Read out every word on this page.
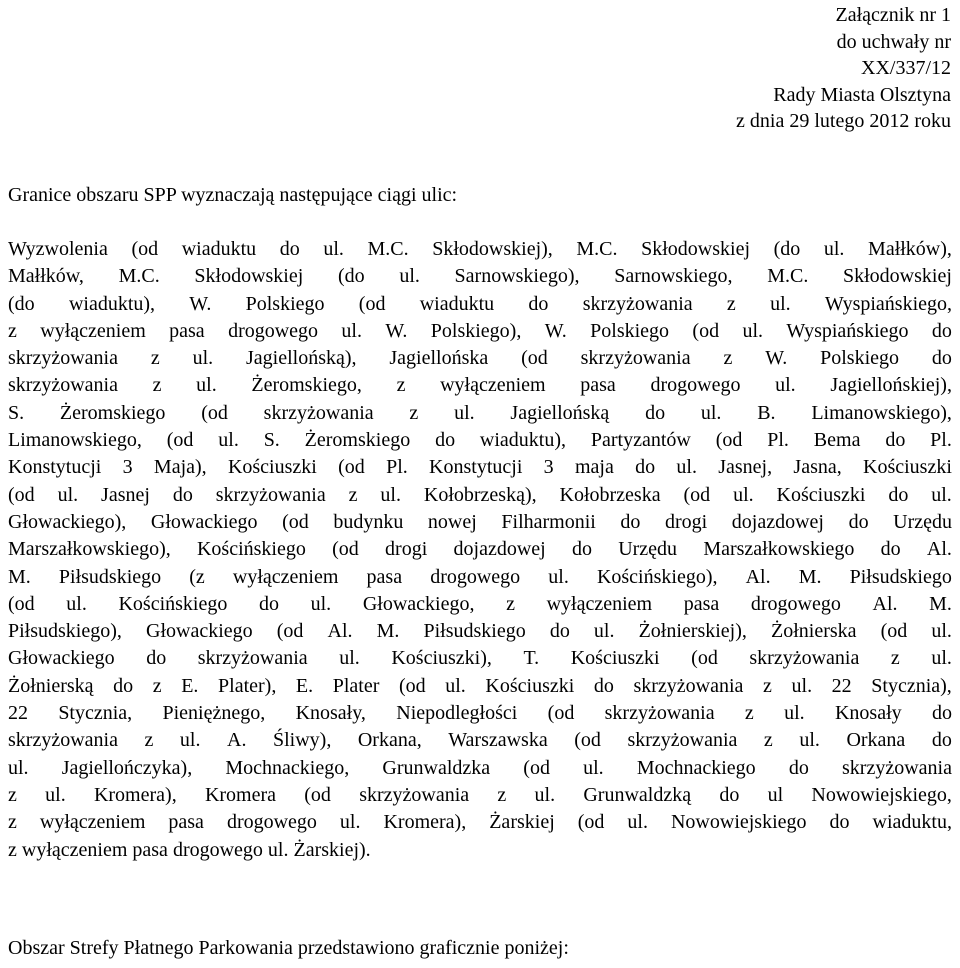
Załącznik nr 1
do uchwały nr
XX/337/12
Rady Miasta Olsztyna
z dnia 29 lutego 2012 roku
Granice obszaru SPP wyznaczają następujące ciągi ulic:
Wyzwolenia (od wiaduktu do ul. M.C. Skłodowskiej), M.C. Skłodowskiej (do ul. Małłków),
Małłków, M.C. Skłodowskiej (do ul. Sarnowskiego), Sarnowskiego, M.C. Skłodowskiej
(do wiaduktu), W. Polskiego (od wiaduktu do skrzyżowania z ul. Wyspiańskiego,
z wyłączeniem pasa drogowego ul. W. Polskiego), W. Polskiego (od ul. Wyspiańskiego do
skrzyżowania z ul. Jagiellońską), Jagiellońska (od skrzyżowania z W. Polskiego do
skrzyżowania z ul. Żeromskiego, z wyłączeniem pasa drogowego ul. Jagiellońskiej),
S. Żeromskiego (od skrzyżowania z ul. Jagiellońską do ul. B. Limanowskiego),
Limanowskiego, (od ul. S. Żeromskiego do wiaduktu), Partyzantów (od Pl. Bema do Pl.
Konstytucji 3 Maja), Kościuszki (od Pl. Konstytucji 3 maja do ul. Jasnej, Jasna, Kościuszki
(od ul. Jasnej do skrzyżowania z ul. Kołobrzeską), Kołobrzeska (od ul. Kościuszki do ul.
Głowackiego), Głowackiego (od budynku nowej Filharmonii do drogi dojazdowej do Urzędu
Marszałkowskiego), Kościńskiego (od drogi dojazdowej do Urzędu Marszałkowskiego do Al.
M. Piłsudskiego (z wyłączeniem pasa drogowego ul. Kościńskiego), Al. M. Piłsudskiego
(od ul. Kościńskiego do ul. Głowackiego, z wyłączeniem pasa drogowego Al. M.
Piłsudskiego), Głowackiego (od Al. M. Piłsudskiego do ul. Żołnierskiej), Żołnierska (od ul.
Głowackiego do skrzyżowania ul. Kościuszki), T. Kościuszki (od skrzyżowania z ul.
Żołnierską do z E. Plater), E. Plater (od ul. Kościuszki do skrzyżowania z ul. 22 Stycznia),
22 Stycznia, Pieniężnego, Knosały, Niepodległości (od skrzyżowania z ul. Knosały do
skrzyżowania z ul. A. Śliwy), Orkana, Warszawska (od skrzyżowania z ul. Orkana do
ul. Jagiellończyka), Mochnackiego, Grunwaldzka (od ul. Mochnackiego do skrzyżowania
z ul. Kromera), Kromera (od skrzyżowania z ul. Grunwaldzką do ul Nowowiejskiego,
z wyłączeniem pasa drogowego ul. Kromera), Żarskiej (od ul. Nowowiejskiego do wiaduktu,
z wyłączeniem pasa drogowego ul. Żarskiej).
Obszar Strefy Płatnego Parkowania przedstawiono graficznie poniżej:
